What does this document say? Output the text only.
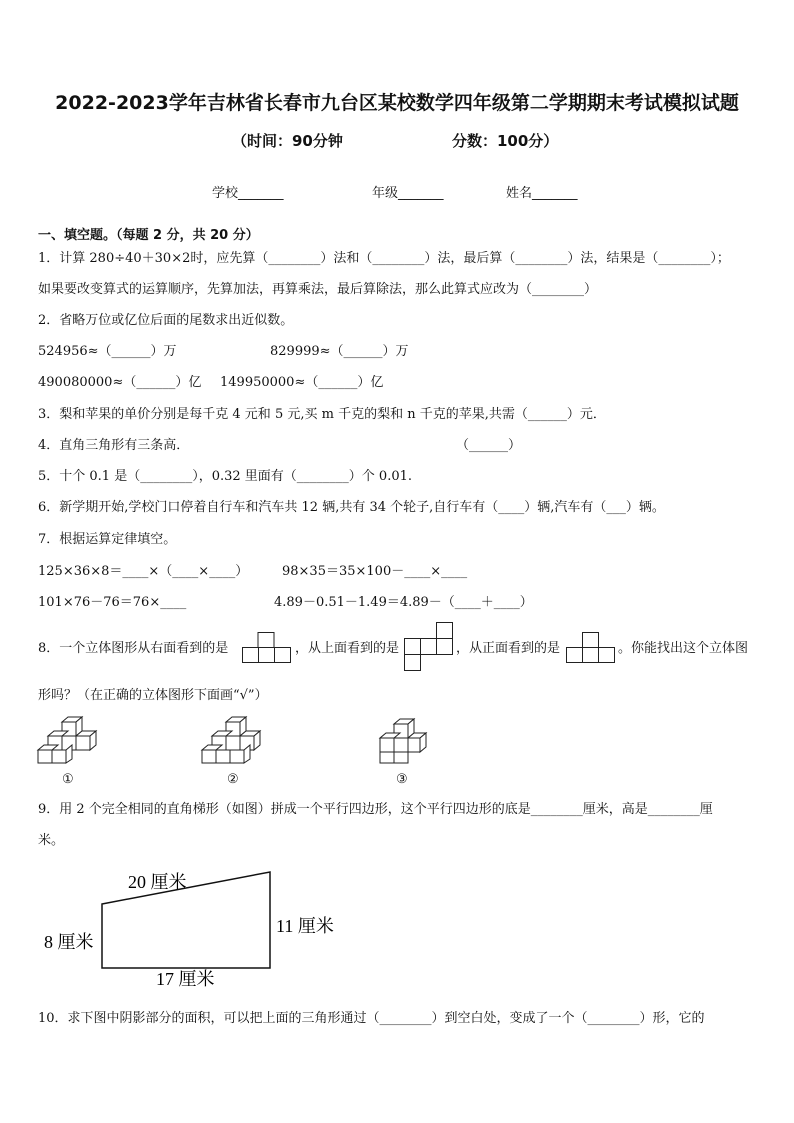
2022-2023学年吉林省长春市九台区某校数学四年级第二学期期末考试模拟试题
（时间：90分钟	分数：100分）
学校_______	年级_______	姓名_______
一、填空题。（每题 2 分，共 20 分）
1．计算 280÷40＋30×2时，应先算（________）法和（________）法，最后算（________）法，结果是（________）；
如果要改变算式的运算顺序，先算加法，再算乘法，最后算除法，那么此算式应改为（________）
2．省略万位或亿位后面的尾数求出近似数。
524956≈（______）万	829999≈（______）万
490080000≈（______）亿 149950000≈（______）亿
3．梨和苹果的单价分别是每千克 4 元和 5 元,买 m 千克的梨和 n 千克的苹果,共需（______）元．
4．直角三角形有三条高．	（______）
5．十个 0.1 是（________），0.32 里面有（________）个 0.01.
6．新学期开始,学校门口停着自行车和汽车共 12 辆,共有 34 个轮子,自行车有（____）辆,汽车有（___）辆。
7．根据运算定律填空。
125×36×8＝____×（____×____）	98×35＝35×100－____×____
101×76－76＝76×____	4.89－0.51－1.49＝4.89－（____＋____）
8．一个立体图形从右面看到的是	，从上面看到的是	，从正面看到的是	。你能找出这个立体图
形吗？（在正确的立体图形下面画“√”）
①	②	③
9．用 2 个完全相同的直角梯形（如图）拼成一个平行四边形，这个平行四边形的底是________厘米，高是________厘
米。
20 厘米
8 厘米
11 厘米
17 厘米
10．求下图中阴影部分的面积，可以把上面的三角形通过（________）到空白处，变成了一个（________）形，它的
